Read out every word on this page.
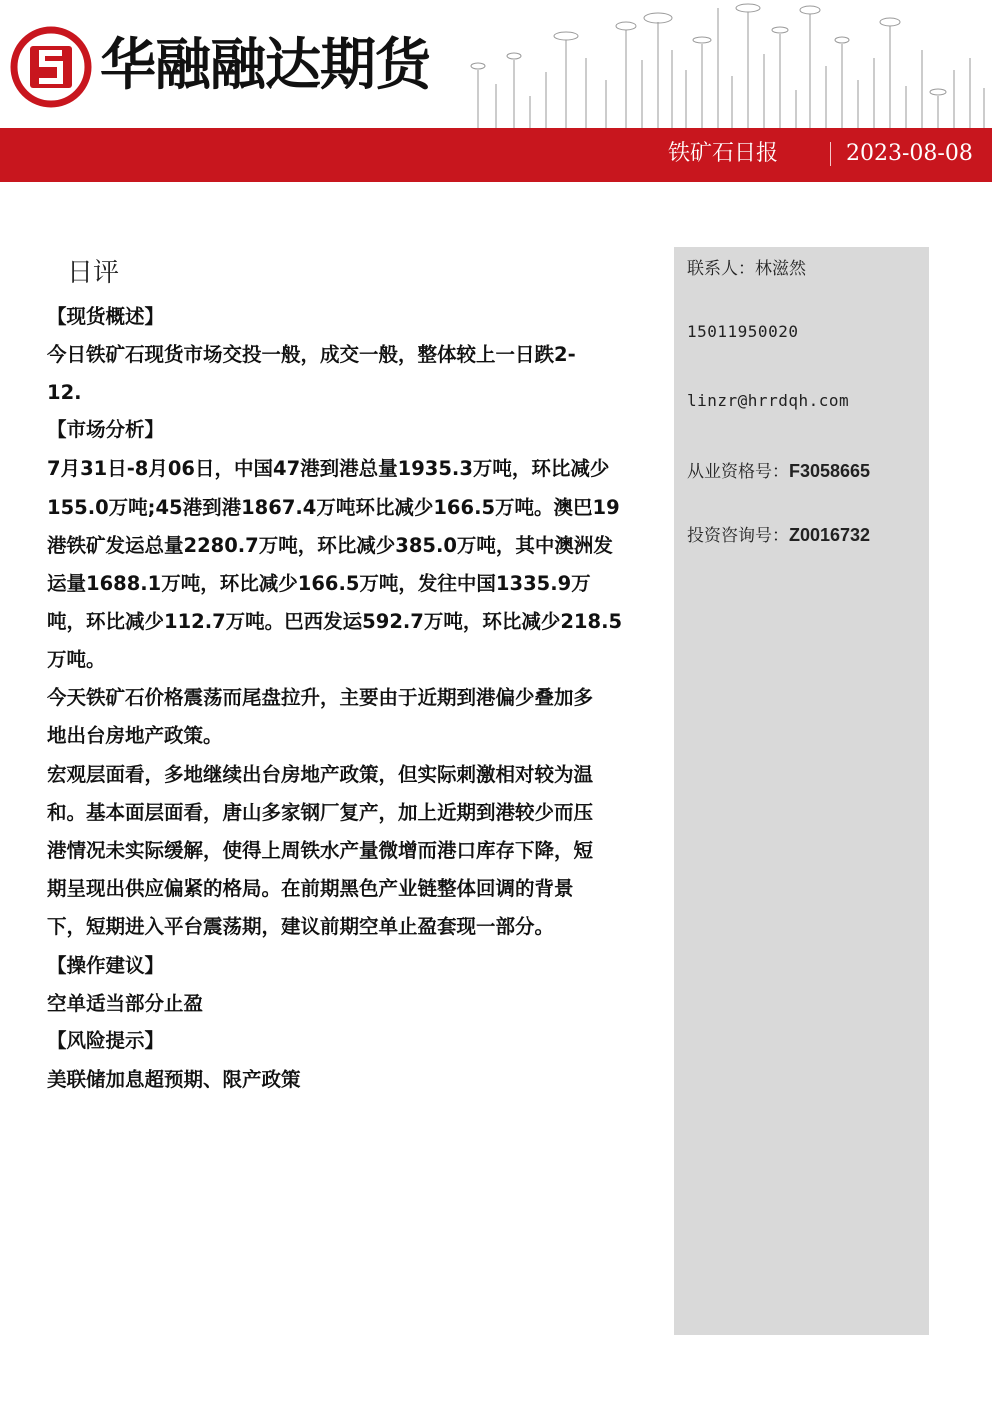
华融融达期货
铁矿石日报	2023-08-08
联系人：林滋然
15011950020
linzr@hrrdqh.com
从业资格号：F3058665
投资咨询号：Z0016732
日评
【现货概述】
今日铁矿石现货市场交投一般，成交一般，整体较上一日跌2-
12.
【市场分析】
7月31日-8月06日，中国47港到港总量1935.3万吨，环比减少
155.0万吨;45港到港1867.4万吨环比减少166.5万吨。澳巴19
港铁矿发运总量2280.7万吨，环比减少385.0万吨，其中澳洲发
运量1688.1万吨，环比减少166.5万吨，发往中国1335.9万
吨，环比减少112.7万吨。巴西发运592.7万吨，环比减少218.5
万吨。
今天铁矿石价格震荡而尾盘拉升，主要由于近期到港偏少叠加多
地出台房地产政策。
宏观层面看，多地继续出台房地产政策，但实际刺激相对较为温
和。基本面层面看，唐山多家钢厂复产，加上近期到港较少而压
港情况未实际缓解，使得上周铁水产量微增而港口库存下降，短
期呈现出供应偏紧的格局。在前期黑色产业链整体回调的背景
下，短期进入平台震荡期，建议前期空单止盈套现一部分。
【操作建议】
空单适当部分止盈
【风险提示】
美联储加息超预期、限产政策
